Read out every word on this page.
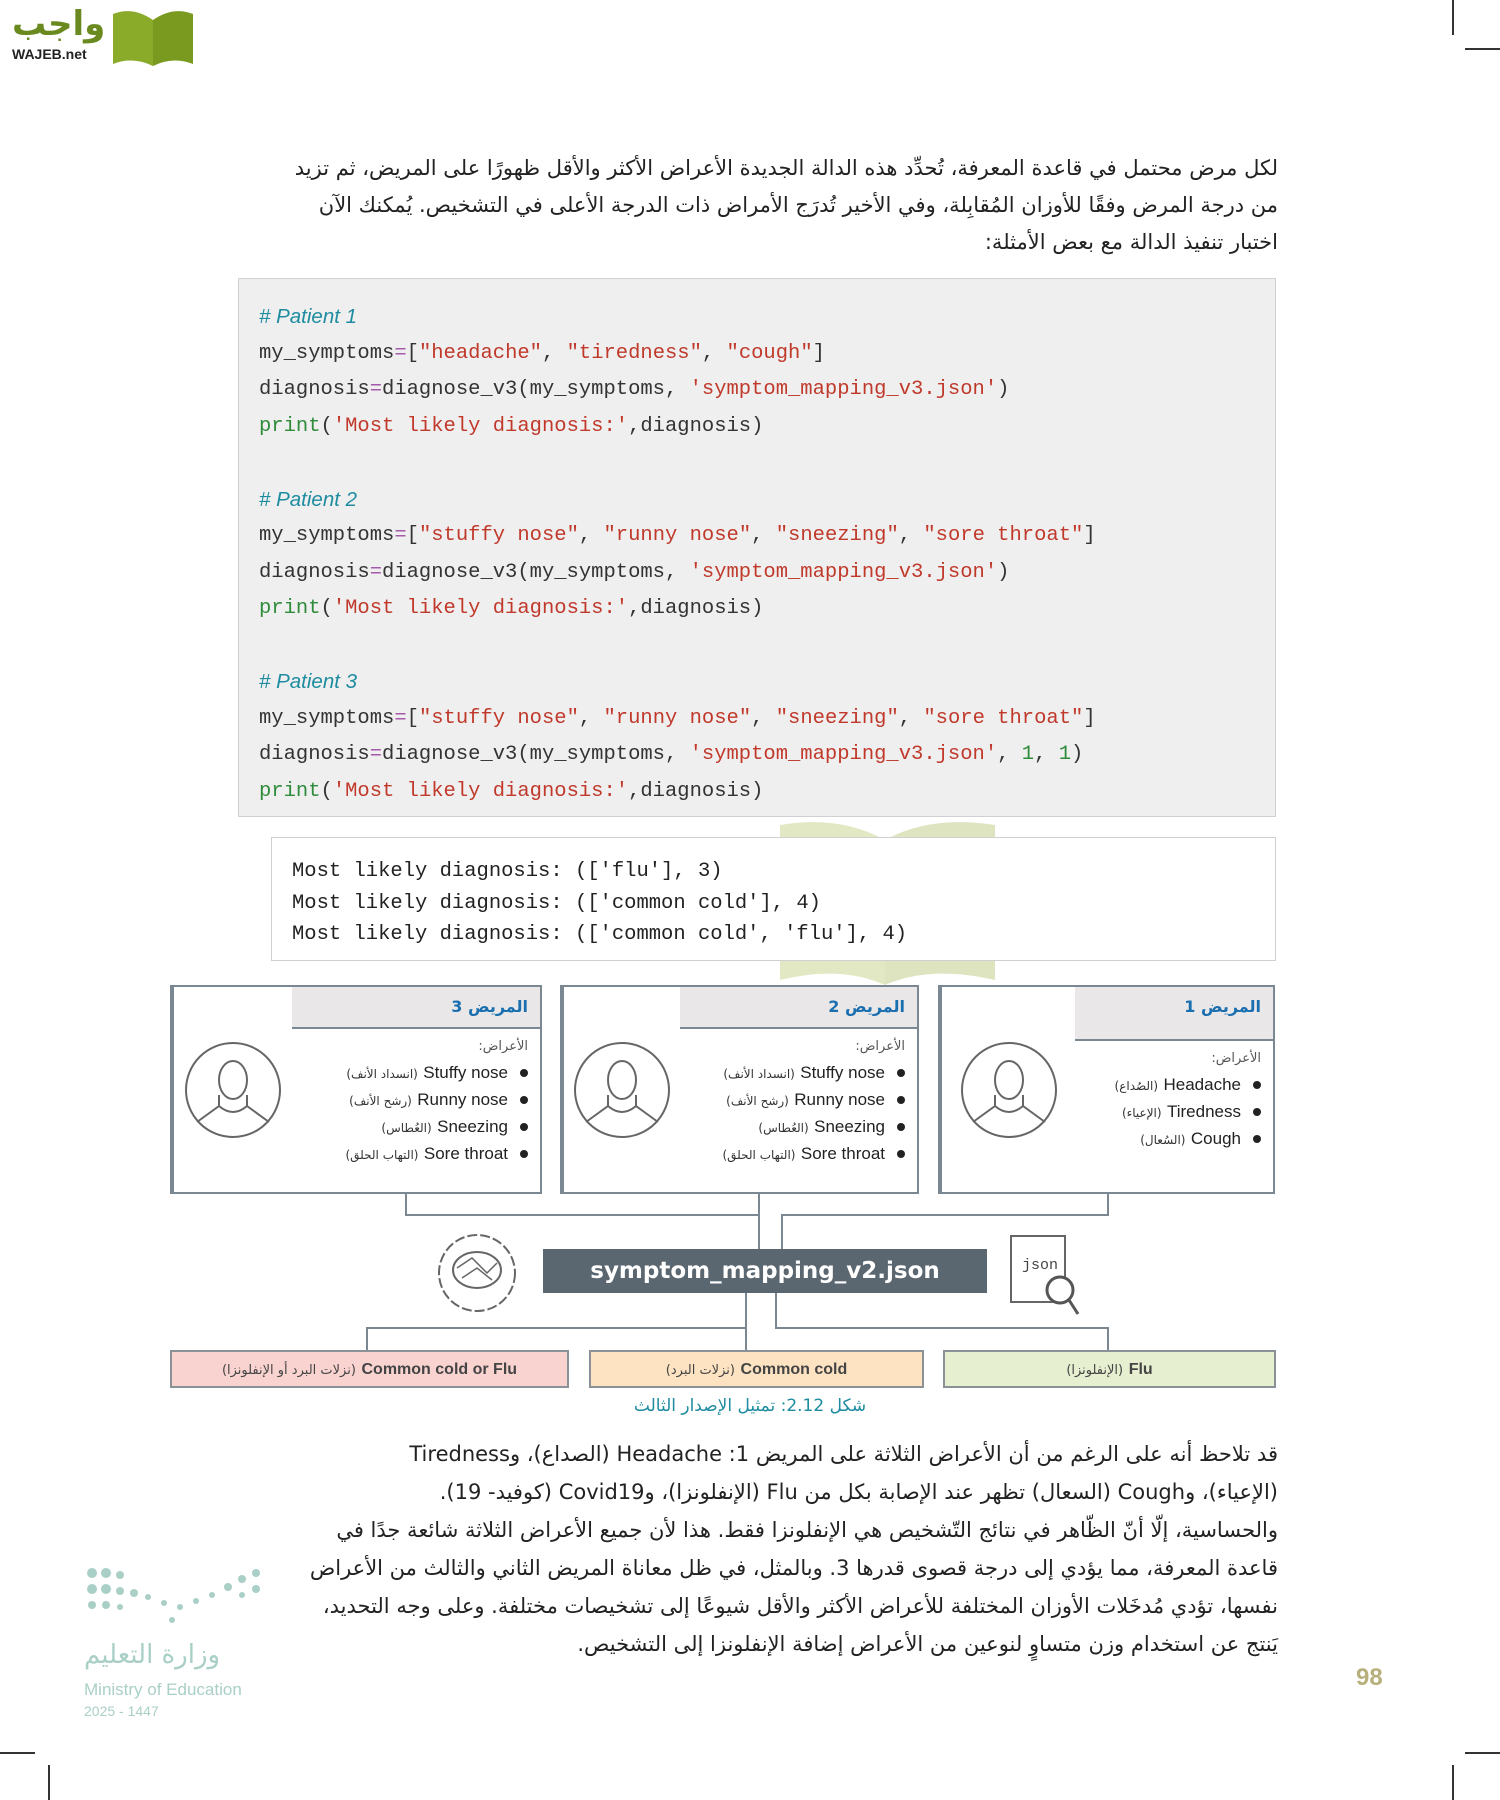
واجب
WAJEB.net
لكل مرض محتمل في قاعدة المعرفة، تُحدِّد هذه الدالة الجديدة الأعراض الأكثر والأقل ظهورًا على المريض، ثم تزيد
من درجة المرض وفقًا للأوزان المُقابِلة، وفي الأخير تُدرَج الأمراض ذات الدرجة الأعلى في التشخيص. يُمكنك الآن
اختبار تنفيذ الدالة مع بعض الأمثلة:
# Patient 1
my_symptoms=["headache", "tiredness", "cough"]
diagnosis=diagnose_v3(my_symptoms, 'symptom_mapping_v3.json')
print('Most likely diagnosis:',diagnosis)
# Patient 2
my_symptoms=["stuffy nose", "runny nose", "sneezing", "sore throat"]
diagnosis=diagnose_v3(my_symptoms, 'symptom_mapping_v3.json')
print('Most likely diagnosis:',diagnosis)
# Patient 3
my_symptoms=["stuffy nose", "runny nose", "sneezing", "sore throat"]
diagnosis=diagnose_v3(my_symptoms, 'symptom_mapping_v3.json', 1, 1)
print('Most likely diagnosis:',diagnosis)
Most likely diagnosis: (['flu'], 3)
Most likely diagnosis: (['common cold'], 4)
Most likely diagnosis: (['common cold', 'flu'], 4)
المريض 3
الأعراض:
Stuffy nose (انسداد الأنف)
Runny nose (رشح الأنف)
Sneezing (العُطاس)
Sore throat (التهاب الحلق)
المريض 2
الأعراض:
Stuffy nose (انسداد الأنف)
Runny nose (رشح الأنف)
Sneezing (العُطاس)
Sore throat (التهاب الحلق)
المريض 1
الأعراض:
Headache (الصُداع)
Tiredness (الإعياء)
Cough (السُعال)
symptom_mapping_v2.json	json
Common cold or Flu (نزلات البرد أو الإنفلونزا)	Common cold (نزلات البرد)	Flu (الإنفلونزا)
شكل 2.12: تمثيل الإصدار الثالث
قد تلاحظ أنه على الرغم من أن الأعراض الثلاثة على المريض 1: Headache (الصداع)، وTiredness
(الإعياء)، وCough (السعال) تظهر عند الإصابة بكل من Flu (الإنفلونزا)، وCovid19 (كوفيد- 19).
والحساسية، إلّا أنّ الظّاهر في نتائج التّشخيص هي الإنفلونزا فقط. هذا لأن جميع الأعراض الثلاثة شائعة جدًا في
قاعدة المعرفة، مما يؤدي إلى درجة قصوى قدرها 3. وبالمثل، في ظل معاناة المريض الثاني والثالث من الأعراض
نفسها، تؤدي مُدخَلات الأوزان المختلفة للأعراض الأكثر والأقل شيوعًا إلى تشخيصات مختلفة. وعلى وجه التحديد،
يَنتج عن استخدام وزن متساوٍ لنوعين من الأعراض إضافة الإنفلونزا إلى التشخيص.
وزارة التعليم
Ministry of Education
2025 - 1447
98
